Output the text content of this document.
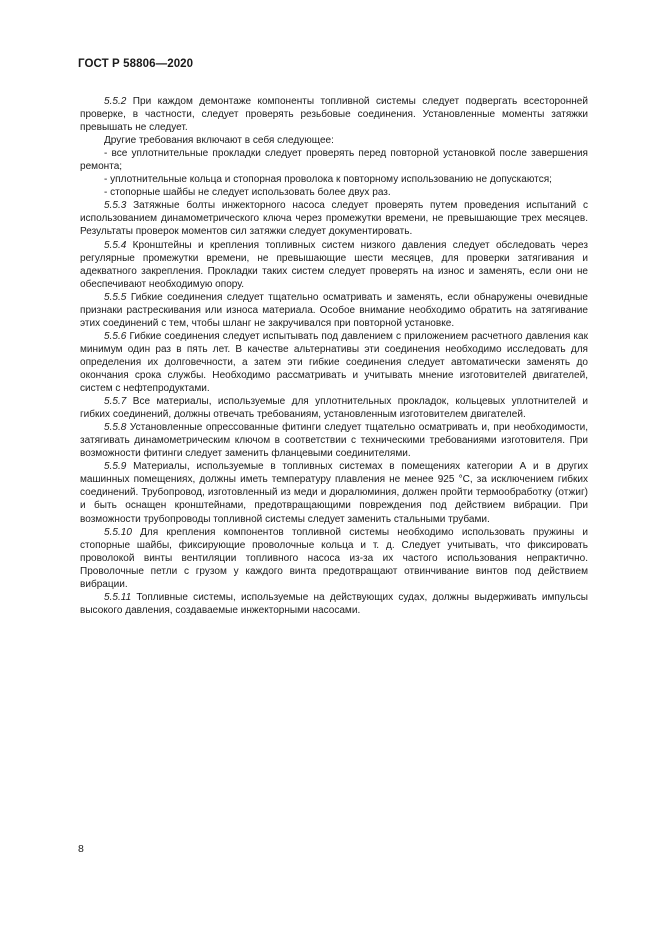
ГОСТ Р 58806—2020

5.5.2 При каждом демонтаже компоненты топливной системы следует подвергать всесторонней проверке, в частности, следует проверять резьбовые соединения. Установленные моменты затяжки превышать не следует.

Другие требования включают в себя следующее:

- все уплотнительные прокладки следует проверять перед повторной установкой после завершения ремонта;

- уплотнительные кольца и стопорная проволока к повторному использованию не допускаются;

- стопорные шайбы не следует использовать более двух раз.

5.5.3 Затяжные болты инжекторного насоса следует проверять путем проведения испытаний с использованием динамометрического ключа через промежутки времени, не превышающие трех месяцев. Результаты проверок моментов сил затяжки следует документировать.

5.5.4 Кронштейны и крепления топливных систем низкого давления следует обследовать через регулярные промежутки времени, не превышающие шести месяцев, для проверки затягивания и адекватного закрепления. Прокладки таких систем следует проверять на износ и заменять, если они не обеспечивают необходимую опору.

5.5.5 Гибкие соединения следует тщательно осматривать и заменять, если обнаружены очевидные признаки растрескивания или износа материала. Особое внимание необходимо обратить на затягивание этих соединений с тем, чтобы шланг не закручивался при повторной установке.

5.5.6 Гибкие соединения следует испытывать под давлением с приложением расчетного давления как минимум один раз в пять лет. В качестве альтернативы эти соединения необходимо исследовать для определения их долговечности, а затем эти гибкие соединения следует автоматически заменять до окончания срока службы. Необходимо рассматривать и учитывать мнение изготовителей двигателей, систем с нефтепродуктами.

5.5.7 Все материалы, используемые для уплотнительных прокладок, кольцевых уплотнителей и гибких соединений, должны отвечать требованиям, установленным изготовителем двигателей.

5.5.8 Установленные опрессованные фитинги следует тщательно осматривать и, при необходимости, затягивать динамометрическим ключом в соответствии с техническими требованиями изготовителя. При возможности фитинги следует заменить фланцевыми соединителями.

5.5.9 Материалы, используемые в топливных системах в помещениях категории А и в других машинных помещениях, должны иметь температуру плавления не менее 925 °С, за исключением гибких соединений. Трубопровод, изготовленный из меди и дюралюминия, должен пройти термообработку (отжиг) и быть оснащен кронштейнами, предотвращающими повреждения под действием вибрации. При возможности трубопроводы топливной системы следует заменить стальными трубами.

5.5.10 Для крепления компонентов топливной системы необходимо использовать пружины и стопорные шайбы, фиксирующие проволочные кольца и т. д. Следует учитывать, что фиксировать проволокой винты вентиляции топливного насоса из-за их частого использования непрактично. Проволочные петли с грузом у каждого винта предотвращают отвинчивание винтов под действием вибрации.

5.5.11 Топливные системы, используемые на действующих судах, должны выдерживать импульсы высокого давления, создаваемые инжекторными насосами.

8
